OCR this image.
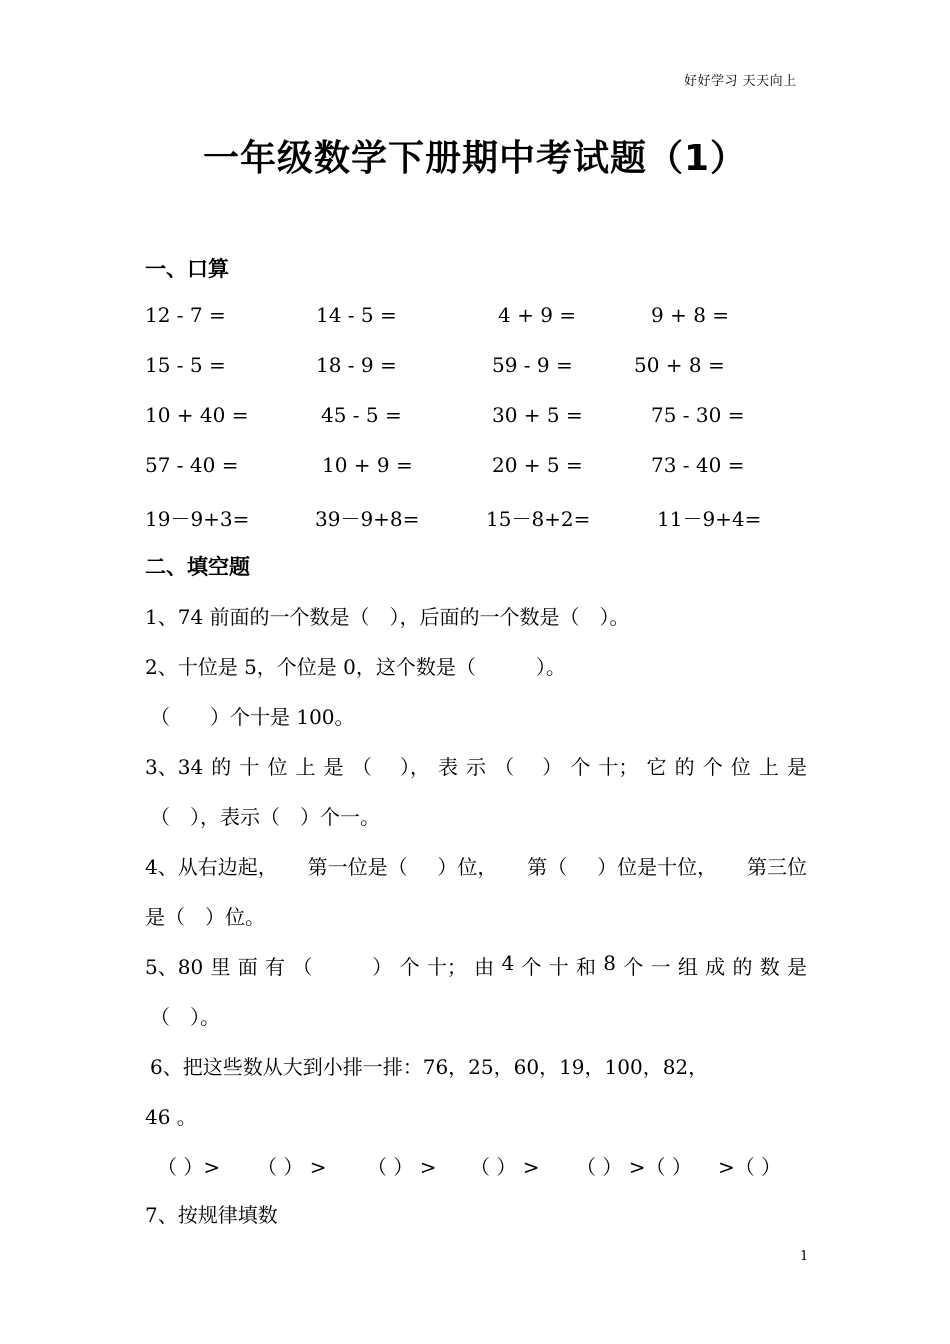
好好学习 天天向上
一年级数学下册期中考试题（1）
一、口算
12 - 7 =	14 - 5 =	4 + 9 =	9 + 8 =
15 - 5 =	18 - 9 =	59 - 9 =	50 + 8 =
10 + 40 =	45 - 5 =	30 + 5 =	75 - 30 =
57 - 40 =	10 + 9 =	20 + 5 =	73 - 40 =
19－9+3=	39－9+8=	15－8+2=	11－9+4=
二、填空题
1、74 前面的一个数是（　），后面的一个数是（　）。
2、十位是 5，个位是 0，这个数是（　　　）。
（　　）个十是 100。
3、34 的 十 位 上 是 （　 ）， 表 示 （　 ） 个 十； 它 的 个 位 上 是
（　），表示（　）个一。
4、从右边起， 第一位是（ ）位， 第（ ）位是十位， 第三位
是（　）位。
5、80 里 面 有 （　　　） 个 十； 由 4 个 十 和 8 个 一 组 成 的 数 是
（　）。
6、把这些数从大到小排一排：76，25，60，19，100，82，
46 。
（ ）> （ ） > （ ） > （ ） > （ ） >（ ） >（ ）
7、按规律填数
1
